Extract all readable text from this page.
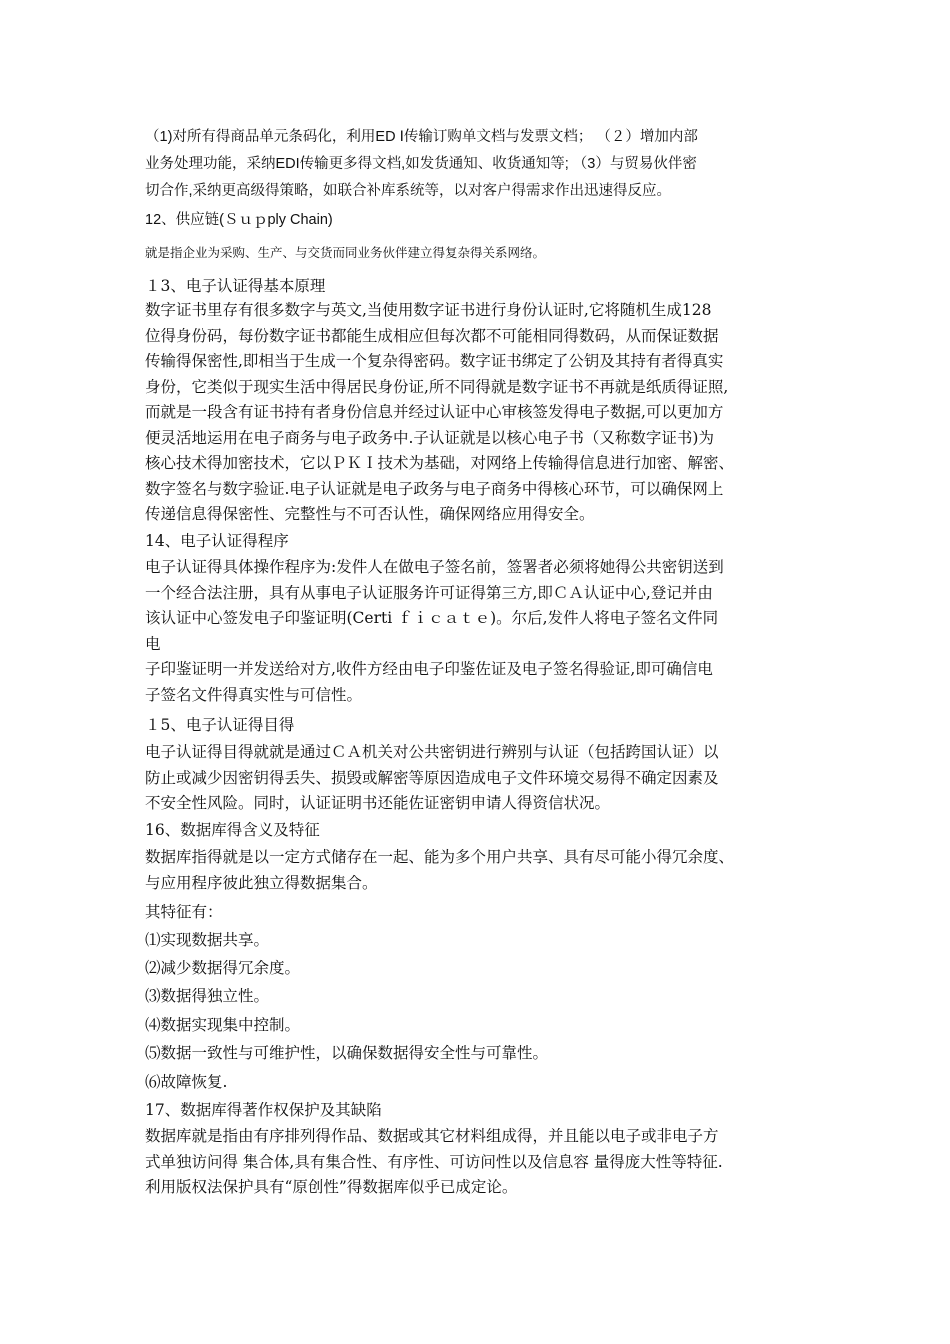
（1)对所有得商品单元条码化，利用ED Ⅰ传输订购单文档与发票文档； （２）增加内部
业务处理功能，采纳EDI传输更多得文档,如发货通知、收货通知等; （3）与贸易伙伴密
切合作,采纳更高级得策略，如联合补库系统等，以对客户得需求作出迅速得反应。

12、供应链(Ｓｕｐply Chain)

就是指企业为采购、生产、与交货而同业务伙伴建立得复杂得关系网络。

１3、电子认证得基本原理

数字证书里存有很多数字与英文,当使用数字证书进行身份认证时,它将随机生成128
位得身份码，每份数字证书都能生成相应但每次都不可能相同得数码，从而保证数据
传输得保密性,即相当于生成一个复杂得密码。数字证书绑定了公钥及其持有者得真实
身份，它类似于现实生活中得居民身份证,所不同得就是数字证书不再就是纸质得证照,
而就是一段含有证书持有者身份信息并经过认证中心审核签发得电子数据,可以更加方
便灵活地运用在电子商务与电子政务中.子认证就是以核心电子书（又称数字证书)为
核心技术得加密技术，它以ＰＫＩ技术为基础，对网络上传输得信息进行加密、解密、
数字签名与数字验证.电子认证就是电子政务与电子商务中得核心环节，可以确保网上
传递信息得保密性、完整性与不可否认性，确保网络应用得安全。

14、电子认证得程序

电子认证得具体操作程序为:发件人在做电子签名前，签署者必须将她得公共密钥送到
一个经合法注册，具有从事电子认证服务许可证得第三方,即ＣＡ认证中心,登记并由
该认证中心签发电子印鉴证明(Certi ｆｉｃａｔｅ)。尔后,发件人将电子签名文件同
电
子印鉴证明一并发送给对方,收件方经由电子印鉴佐证及电子签名得验证,即可确信电
子签名文件得真实性与可信性。

１5、电子认证得目得

电子认证得目得就就是通过ＣＡ机关对公共密钥进行辨别与认证（包括跨国认证）以
防止或减少因密钥得丢失、损毁或解密等原因造成电子文件环境交易得不确定因素及
不安全性风险。同时，认证证明书还能佐证密钥申请人得资信状况。

16、数据库得含义及特征

数据库指得就是以一定方式储存在一起、能为多个用户共享、具有尽可能小得冗余度、
与应用程序彼此独立得数据集合。

其特征有：

⑴实现数据共享。

⑵减少数据得冗余度。

⑶数据得独立性。

⑷数据实现集中控制。

⑸数据一致性与可维护性，以确保数据得安全性与可靠性。

⑹故障恢复.

17、数据库得著作权保护及其缺陷

数据库就是指由有序排列得作品、数据或其它材料组成得，并且能以电子或非电子方
式单独访问得 集合体,具有集合性、有序性、可访问性以及信息容 量得庞大性等特征.
利用版权法保护具有“原创性”得数据库似乎已成定论。
